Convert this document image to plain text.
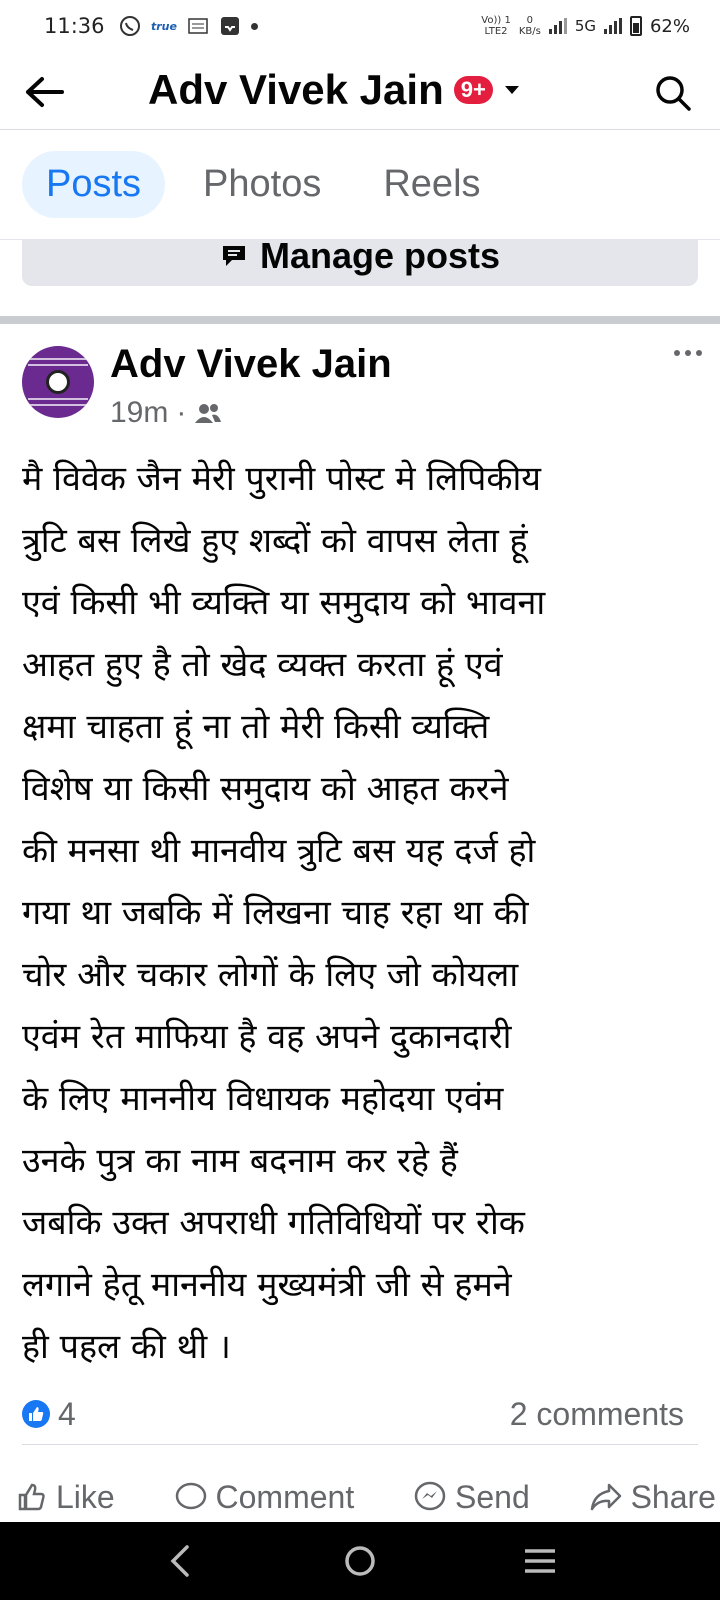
11:36	true	Vo)) 1
LTE2
0
KB/s 5G	62%
Adv Vivek Jain 9+
Posts	Photos	Reels
Manage posts
Adv Vivek Jain
19m ·
मै विवेक जैन मेरी पुरानी पोस्ट मे लिपिकीय
त्रुटि बस लिखे हुए शब्दों को वापस लेता हूं
एवं किसी भी व्यक्ति या समुदाय को भावना
आहत हुए है तो खेद व्यक्त करता हूं एवं
क्षमा चाहता हूं ना तो मेरी किसी व्यक्ति
विशेष या किसी समुदाय को आहत करने
की मनसा थी मानवीय त्रुटि बस यह दर्ज हो
गया था जबकि में लिखना चाह रहा था की
चोर और चकार लोगों के लिए जो कोयला
एवंम रेत माफिया है वह अपने दुकानदारी
के लिए माननीय विधायक महोदया एवंम
उनके पुत्र का नाम बदनाम कर रहे हैं
जबकि उक्त अपराधी गतिविधियों पर रोक
लगाने हेतू माननीय मुख्यमंत्री जी से हमने
ही पहल की थी ।
4	2 comments
Like	Comment	Send	Share
